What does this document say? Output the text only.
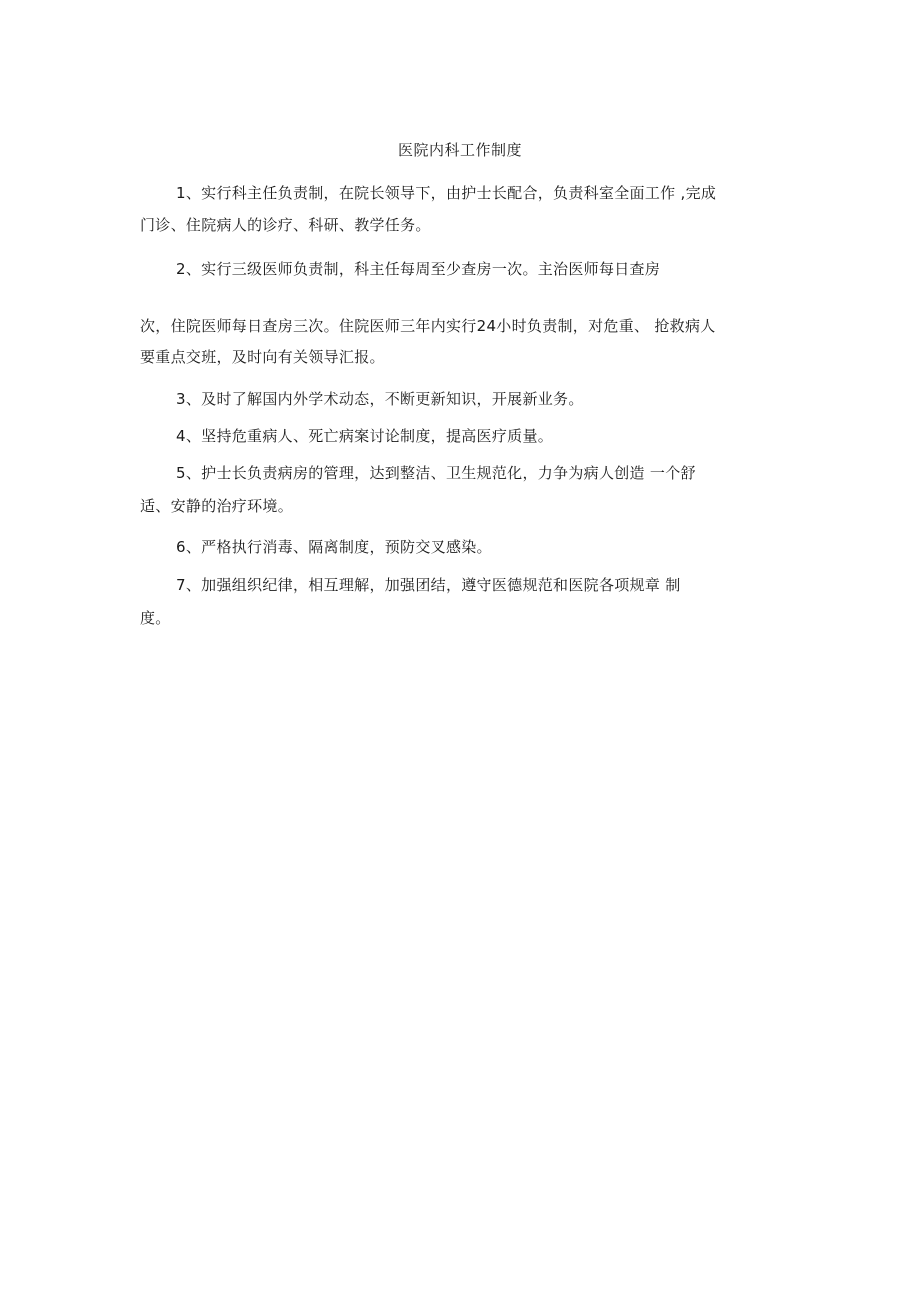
医院内科工作制度
1、实行科主任负责制，在院长领导下，由护士长配合，负责科室全面工作 ,完成
门诊、住院病人的诊疗、科研、教学任务。
2、实行三级医师负责制，科主任每周至少查房一次。主治医师每日查房
次，住院医师每日查房三次。住院医师三年内实行24小时负责制，对危重、 抢救病人
要重点交班，及时向有关领导汇报。
3、及时了解国内外学术动态，不断更新知识，开展新业务。
4、坚持危重病人、死亡病案讨论制度，提高医疗质量。
5、护士长负责病房的管理，达到整洁、卫生规范化，力争为病人创造 一个舒
适、安静的治疗环境。
6、严格执行消毒、隔离制度，预防交叉感染。
7、加强组织纪律，相互理解，加强团结，遵守医德规范和医院各项规章 制
度。
